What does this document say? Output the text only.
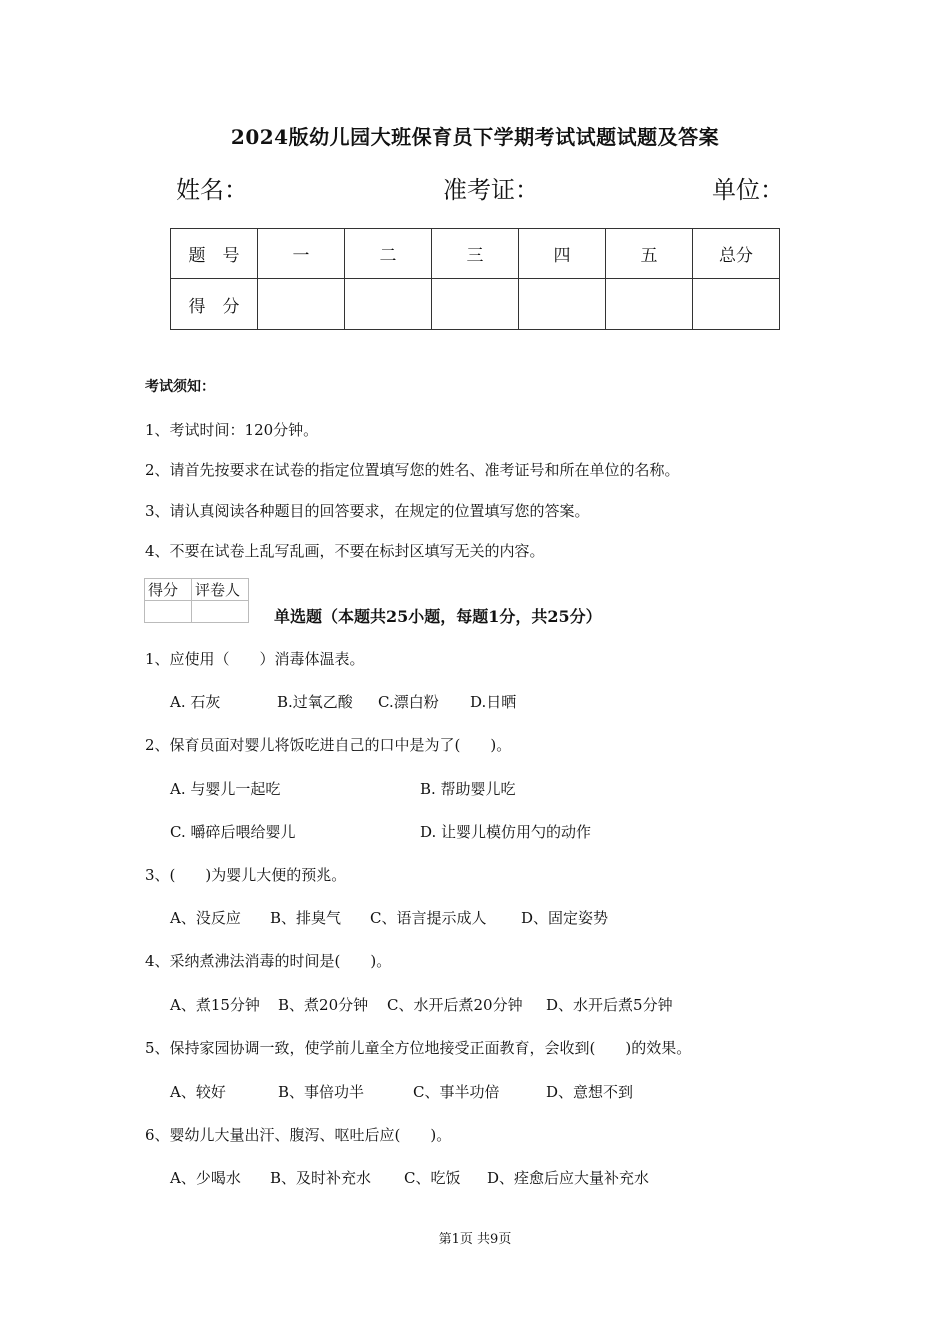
2024版幼儿园大班保育员下学期考试试题试题及答案
姓名：	准考证：	单位：
题　号	一	二	三	四	五	总分
得　分						
考试须知：
1、考试时间：120分钟。
2、请首先按要求在试卷的指定位置填写您的姓名、准考证号和所在单位的名称。
3、请认真阅读各种题目的回答要求，在规定的位置填写您的答案。
4、不要在试卷上乱写乱画，不要在标封区填写无关的内容。
得分	评卷人

单选题（本题共25小题，每题1分，共25分）
1、应使用（　　）消毒体温表。
A. 石灰	B.过氧乙酸 C.漂白粉 D.日晒
2、保育员面对婴儿将饭吃进自己的口中是为了(　　)。
A. 与婴儿一起吃	B. 帮助婴儿吃
C. 嚼碎后喂给婴儿	D. 让婴儿模仿用勺的动作
3、(　　)为婴儿大便的预兆。
A、没反应 B、排臭气 C、语言提示成人 D、固定姿势
4、采纳煮沸法消毒的时间是(　　)。
A、煮15分钟 B、煮20分钟 C、水开后煮20分钟 D、水开后煮5分钟
5、保持家园协调一致，使学前儿童全方位地接受正面教育，会收到(　　)的效果。
A、较好	B、事倍功半	C、事半功倍	D、意想不到
6、婴幼儿大量出汗、腹泻、呕吐后应(　　)。
A、少喝水 B、及时补充水 C、吃饭 D、痊愈后应大量补充水
第1页 共9页
